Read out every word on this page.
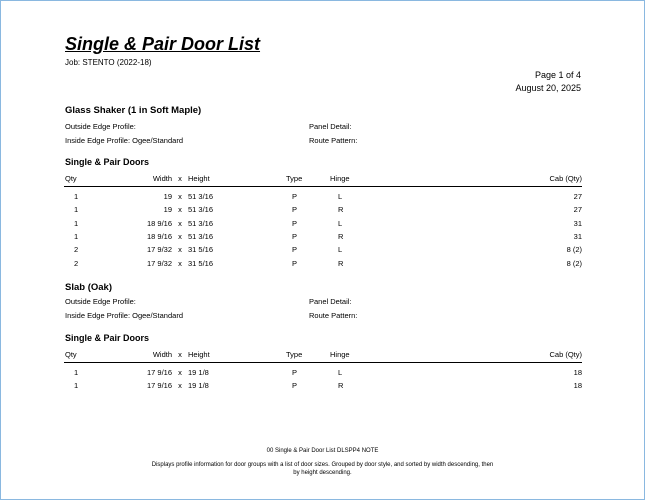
Single & Pair Door List
Job: STENTO (2022-18)
Page 1 of 4
August 20, 2025
Glass Shaker (1 in Soft Maple)
Outside Edge Profile:
Inside Edge Profile: Ogee/Standard
Panel Detail:
Route Pattern:
Single & Pair Doors
Qty	Width x Height	Type	Hinge	Cab (Qty)
1	19 x 51 3/16	P	L	27
1	19 x 51 3/16	P	R	27
1	18 9/16 x 51 3/16	P	L	31
1	18 9/16 x 51 3/16	P	R	31
2	17 9/32 x 31 5/16	P	L	8 (2)
2	17 9/32 x 31 5/16	P	R	8 (2)
Slab (Oak)
Outside Edge Profile:
Inside Edge Profile: Ogee/Standard
Panel Detail:
Route Pattern:
Single & Pair Doors
Qty	Width x Height	Type	Hinge	Cab (Qty)
1	17 9/16 x 19 1/8	P	L	18
1	17 9/16 x 19 1/8	P	R	18
00 Single & Pair Door List DLSPP4 NOTE
Displays profile information for door groups with a list of door sizes. Grouped by door style, and sorted by width descending, then
by height descending.
